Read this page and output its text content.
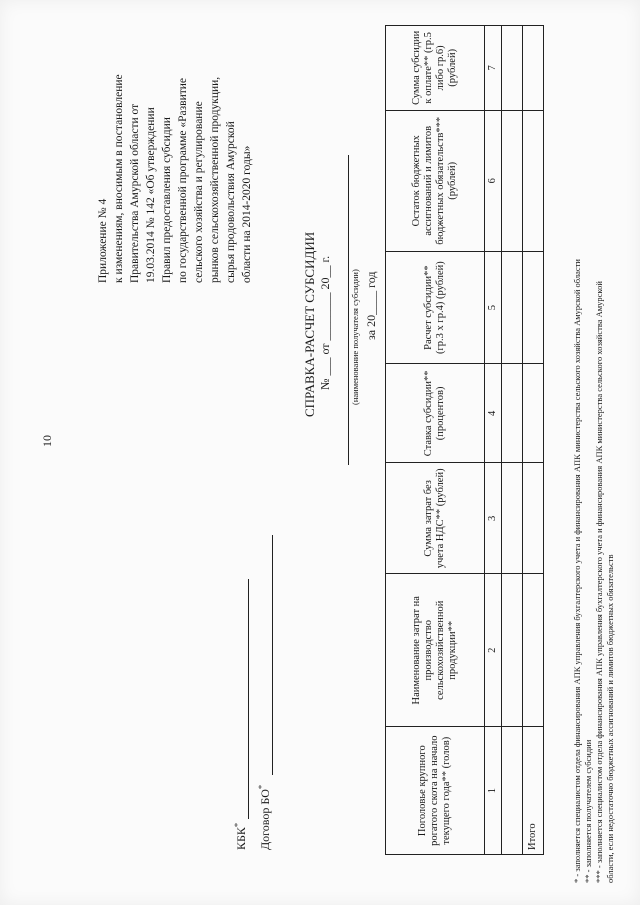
10
Приложение № 4 к изменениям, вносимым в постановление Правительства Амурской области от 19.03.2014 № 142 «Об утверждении Правил предоставления субсидии по государственной программе «Развитие сельского хозяйства и регулирование рынков сельскохозяйственной продукции, сырья продовольствия Амурской области на 2014-2020 годы»
КБК*	Договор БО*
СПРАВКА-РАСЧЕТ СУБСИДИИ № ___ от ________ 20__ г. (наименование получателя субсидии) за 20____ год
Поголовье крупного рогатого скота на начало текущего года** (голов)	Наименование затрат на производство сельскохозяйственной продукции**	Сумма затрат без учета НДС** (рублей)	Ставка субсидии** (процентов)	Расчет субсидии** (гр.3 х гр.4) (рублей)	Остаток бюджетных ассигнований и лимитов бюджетных обязательств*** (рублей)	Сумма субсидии к оплате** (гр.5 либо гр.6) (рублей)
1	2	3	4	5	6	7

Итого							* - заполняется специалистом отдела финансирования АПК управления бухгалтерского учета и финансирования АПК министерства сельского хозяйства Амурской области ** - заполняется получателем субсидии *** - заполняется специалистом отдела финансирования АПК управления бухгалтерского учета и финансирования АПК министерства сельского хозяйства Амурской области, если недостаточно бюджетных ассигнований и лимитов бюджетных обязательств
